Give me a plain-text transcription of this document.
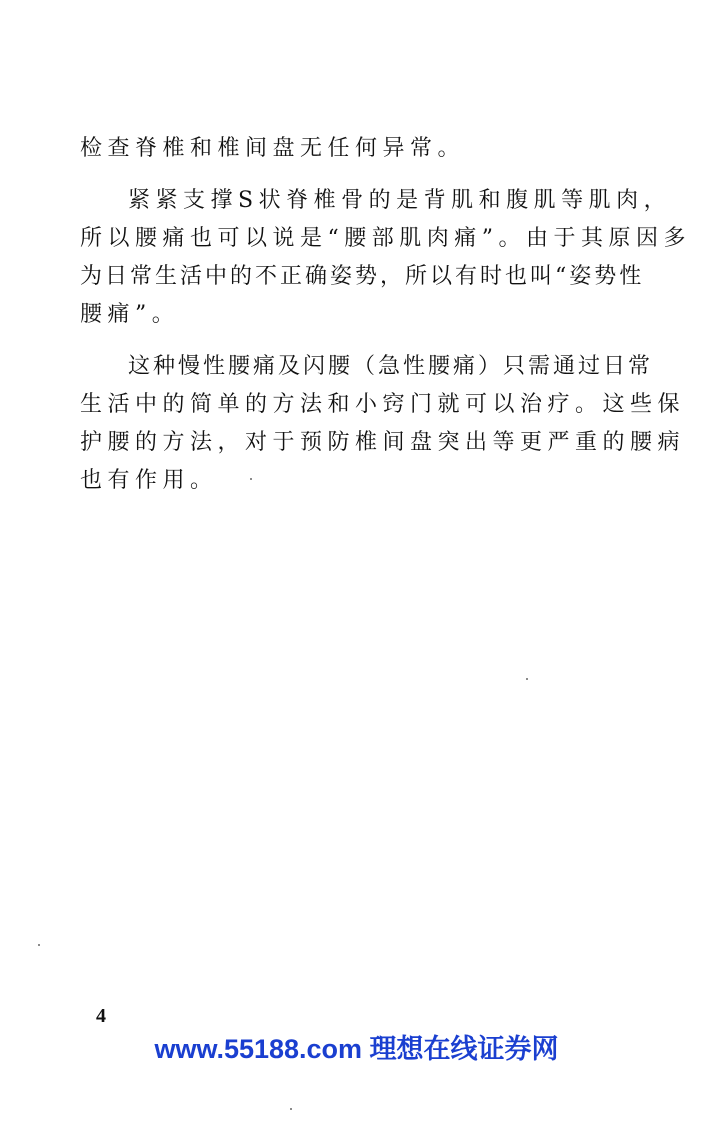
检查脊椎和椎间盘无任何异常。
紧紧支撑S状脊椎骨的是背肌和腹肌等肌肉，
所以腰痛也可以说是“腰部肌肉痛”。由于其原因多
为日常生活中的不正确姿势，所以有时也叫“姿势性
腰痛”。
这种慢性腰痛及闪腰（急性腰痛）只需通过日常
生活中的简单的方法和小窍门就可以治疗。这些保
护腰的方法，对于预防椎间盘突出等更严重的腰病
也有作用。
4
www.55188.com 理想在线证券网
